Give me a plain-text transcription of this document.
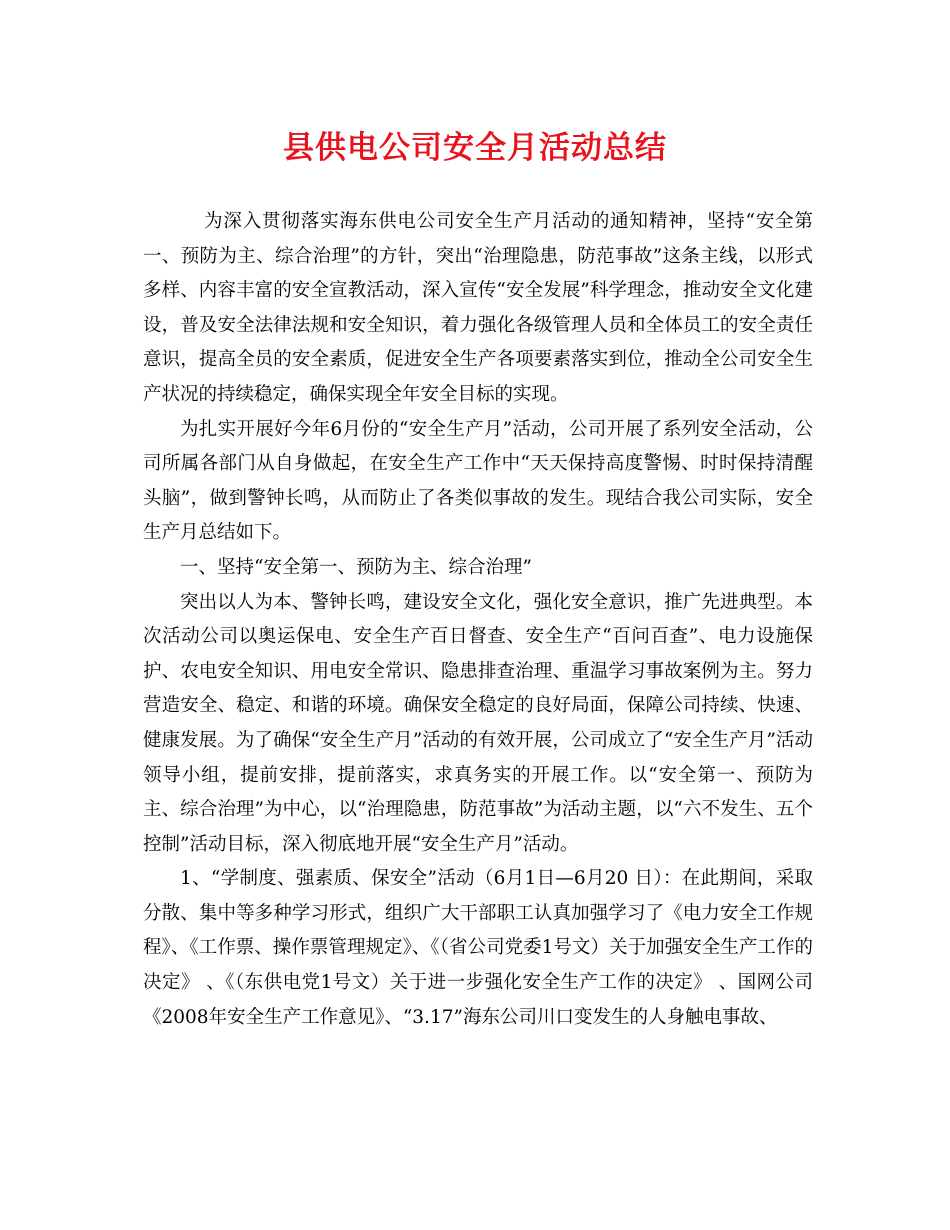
县供电公司安全月活动总结

为深入贯彻落实海东供电公司安全生产月活动的通知精神，坚持“安全第一、预防为主、综合治理”的方针，突出“治理隐患，防范事故”这条主线，以形式多样、内容丰富的安全宣教活动，深入宣传“安全发展”科学理念，推动安全文化建设，普及安全法律法规和安全知识，着力强化各级管理人员和全体员工的安全责任意识，提高全员的安全素质，促进安全生产各项要素落实到位，推动全公司安全生产状况的持续稳定，确保实现全年安全目标的实现。

为扎实开展好今年6月份的“安全生产月”活动，公司开展了系列安全活动，公司所属各部门从自身做起，在安全生产工作中“天天保持高度警惕、时时保持清醒头脑”，做到警钟长鸣，从而防止了各类似事故的发生。现结合我公司实际，安全生产月总结如下。

一、坚持“安全第一、预防为主、综合治理”

突出以人为本、警钟长鸣，建设安全文化，强化安全意识，推广先进典型。本次活动公司以奥运保电、安全生产百日督查、安全生产“百问百查”、电力设施保护、农电安全知识、用电安全常识、隐患排查治理、重温学习事故案例为主。努力营造安全、稳定、和谐的环境。确保安全稳定的良好局面，保障公司持续、快速、健康发展。为了确保“安全生产月”活动的有效开展，公司成立了“安全生产月”活动领导小组，提前安排，提前落实，求真务实的开展工作。以“安全第一、预防为主、综合治理”为中心，以“治理隐患，防范事故”为活动主题，以“六不发生、五个控制”活动目标，深入彻底地开展“安全生产月”活动。

1、“学制度、强素质、保安全”活动（6月1日—6月20 日）：在此期间，采取分散、集中等多种学习形式，组织广大干部职工认真加强学习了《电力安全工作规程》、《工作票、操作票管理规定》、《（省公司党委1号文）关于加强安全生产工作的决定》 、《（东供电党1号文）关于进一步强化安全生产工作的决定》 、国网公司《2008年安全生产工作意见》、“3.17”海东公司川口变发生的人身触电事故、
